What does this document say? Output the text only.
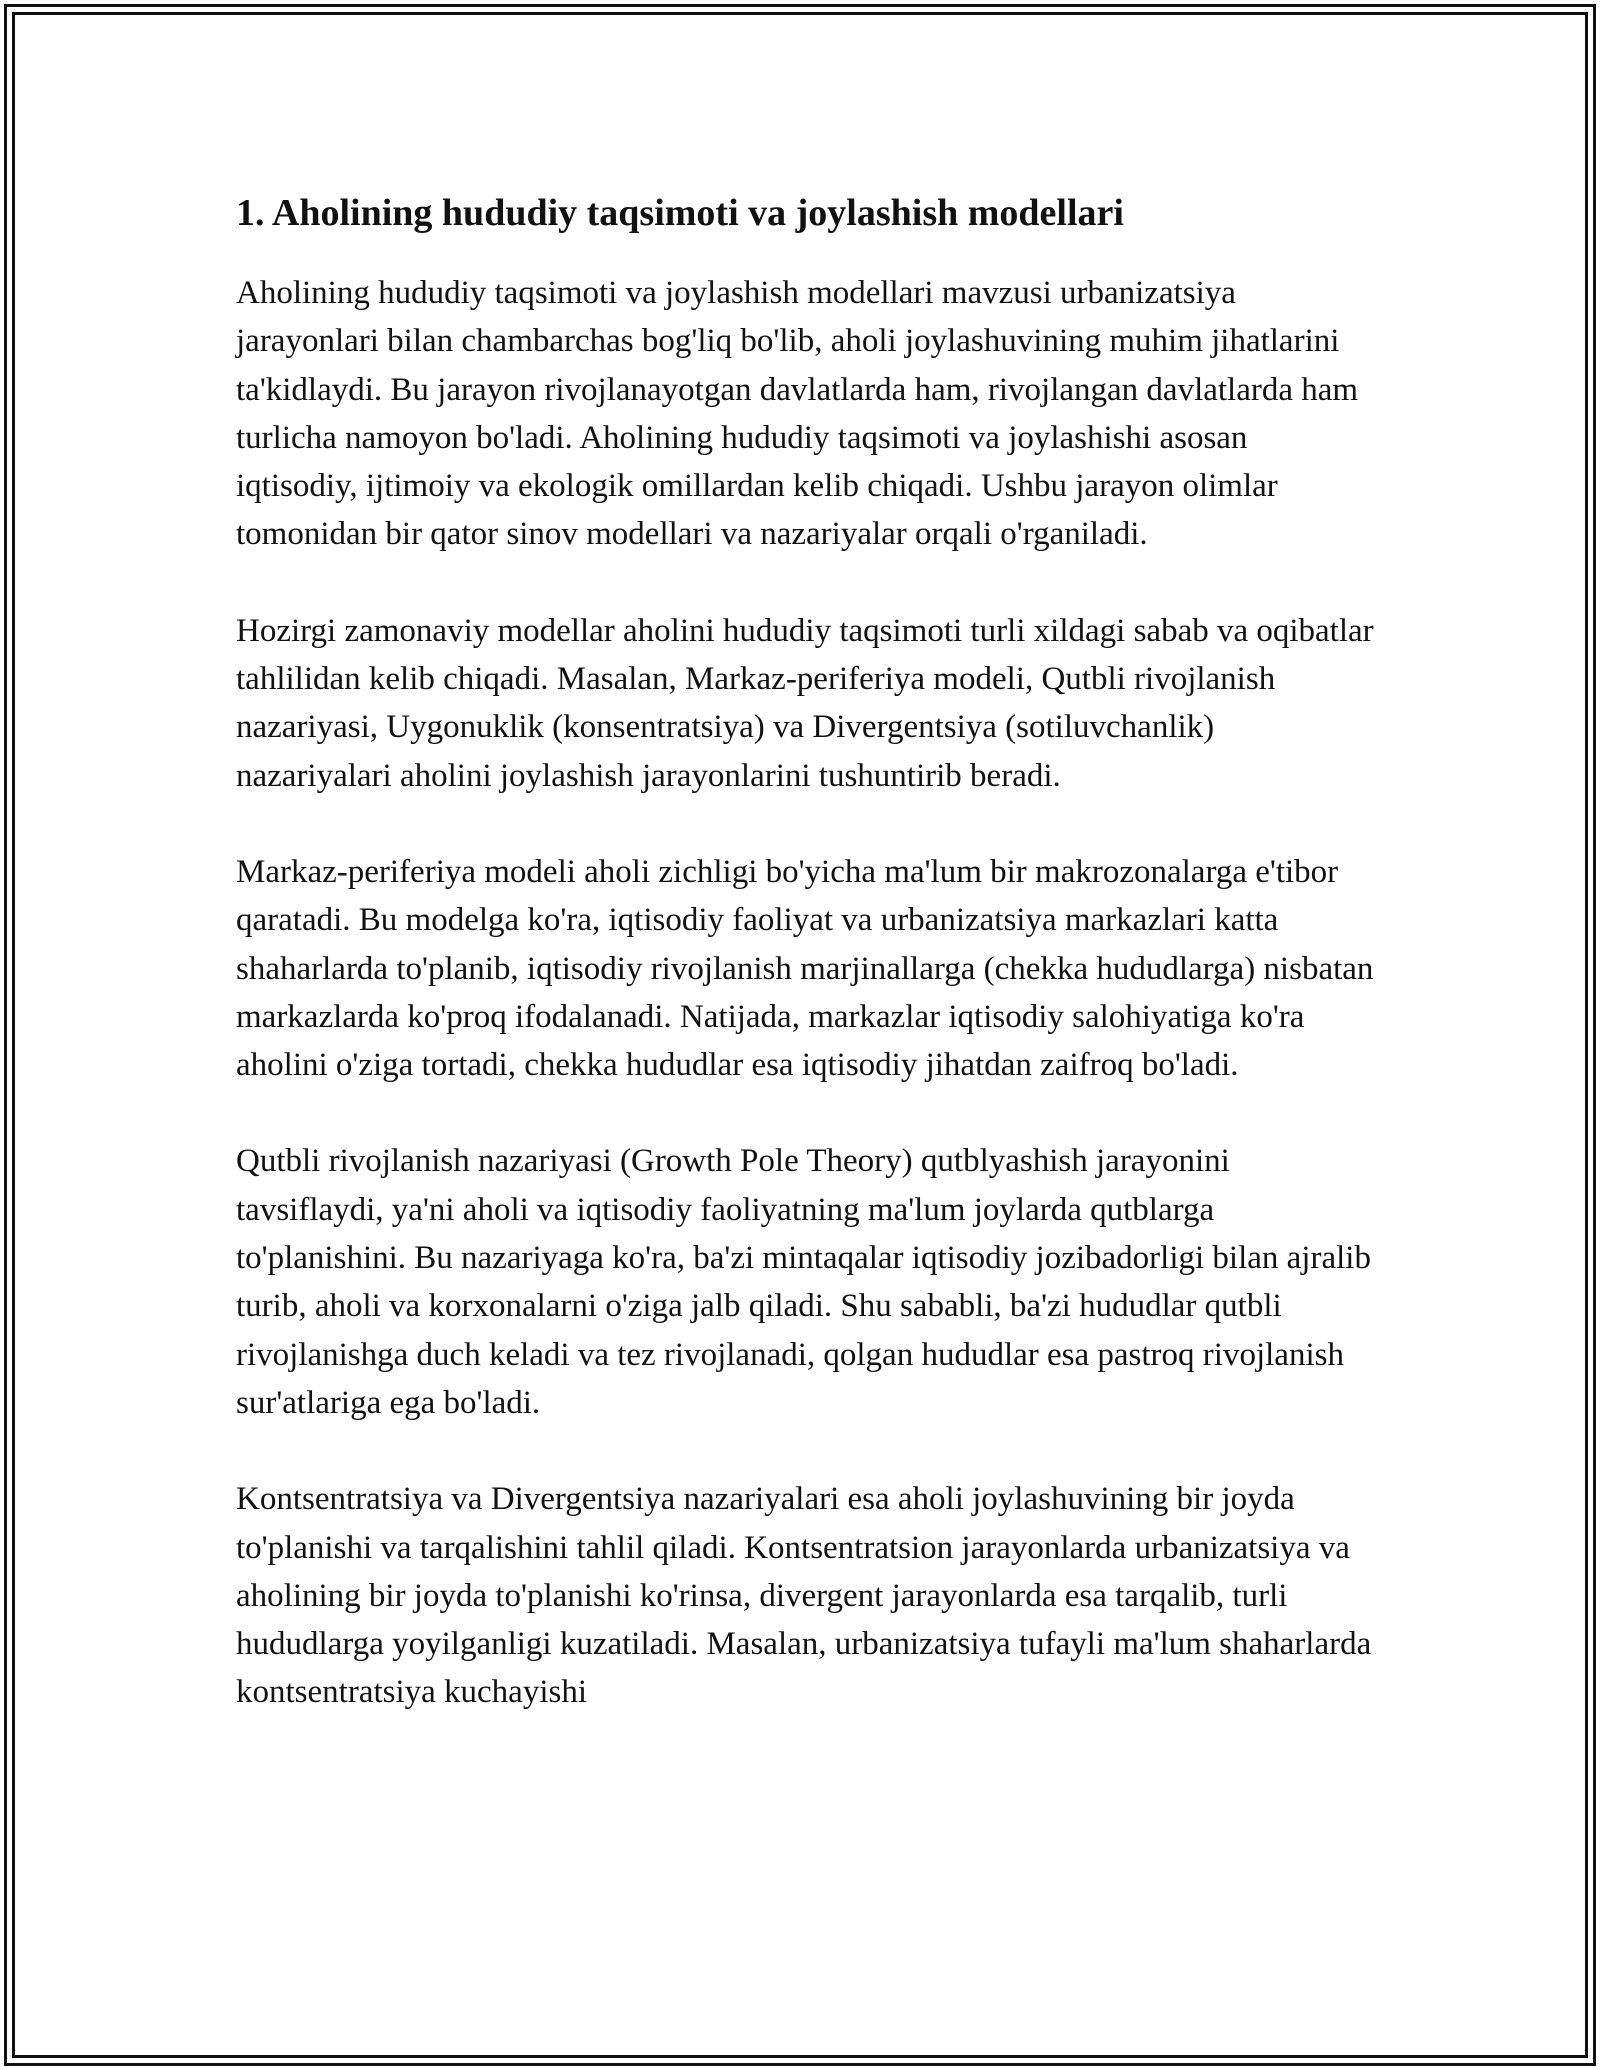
1. Aholining hududiy taqsimoti va joylashish modellari

Aholining hududiy taqsimoti va joylashish modellari mavzusi urbanizatsiya jarayonlari bilan chambarchas bog'liq bo'lib, aholi joylashuvining muhim jihatlarini ta'kidlaydi. Bu jarayon rivojlanayotgan davlatlarda ham, rivojlangan davlatlarda ham turlicha namoyon bo'ladi. Aholining hududiy taqsimoti va joylashishi asosan iqtisodiy, ijtimoiy va ekologik omillardan kelib chiqadi. Ushbu jarayon olimlar tomonidan bir qator sinov modellari va nazariyalar orqali o'rganiladi.

Hozirgi zamonaviy modellar aholini hududiy taqsimoti turli xildagi sabab va oqibatlar tahlilidan kelib chiqadi. Masalan, Markaz-periferiya modeli, Qutbli rivojlanish nazariyasi, Uygonuklik (konsentratsiya) va Divergentsiya (sotiluvchanlik) nazariyalari aholini joylashish jarayonlarini tushuntirib beradi.

Markaz-periferiya modeli aholi zichligi bo'yicha ma'lum bir makrozonalarga e'tibor qaratadi. Bu modelga ko'ra, iqtisodiy faoliyat va urbanizatsiya markazlari katta shaharlarda to'planib, iqtisodiy rivojlanish marjinallarga (chekka hududlarga) nisbatan markazlarda ko'proq ifodalanadi. Natijada, markazlar iqtisodiy salohiyatiga ko'ra aholini o'ziga tortadi, chekka hududlar esa iqtisodiy jihatdan zaifroq bo'ladi.

Qutbli rivojlanish nazariyasi (Growth Pole Theory) qutblyashish jarayonini tavsiflaydi, ya'ni aholi va iqtisodiy faoliyatning ma'lum joylarda qutblarga to'planishini. Bu nazariyaga ko'ra, ba'zi mintaqalar iqtisodiy jozibadorligi bilan ajralib turib, aholi va korxonalarni o'ziga jalb qiladi. Shu sababli, ba'zi hududlar qutbli rivojlanishga duch keladi va tez rivojlanadi, qolgan hududlar esa pastroq rivojlanish sur'atlariga ega bo'ladi.

Kontsentratsiya va Divergentsiya nazariyalari esa aholi joylashuvining bir joyda to'planishi va tarqalishini tahlil qiladi. Kontsentratsion jarayonlarda urbanizatsiya va aholining bir joyda to'planishi ko'rinsa, divergent jarayonlarda esa tarqalib, turli hududlarga yoyilganligi kuzatiladi. Masalan, urbanizatsiya tufayli ma'lum shaharlarda kontsentratsiya kuchayishi
